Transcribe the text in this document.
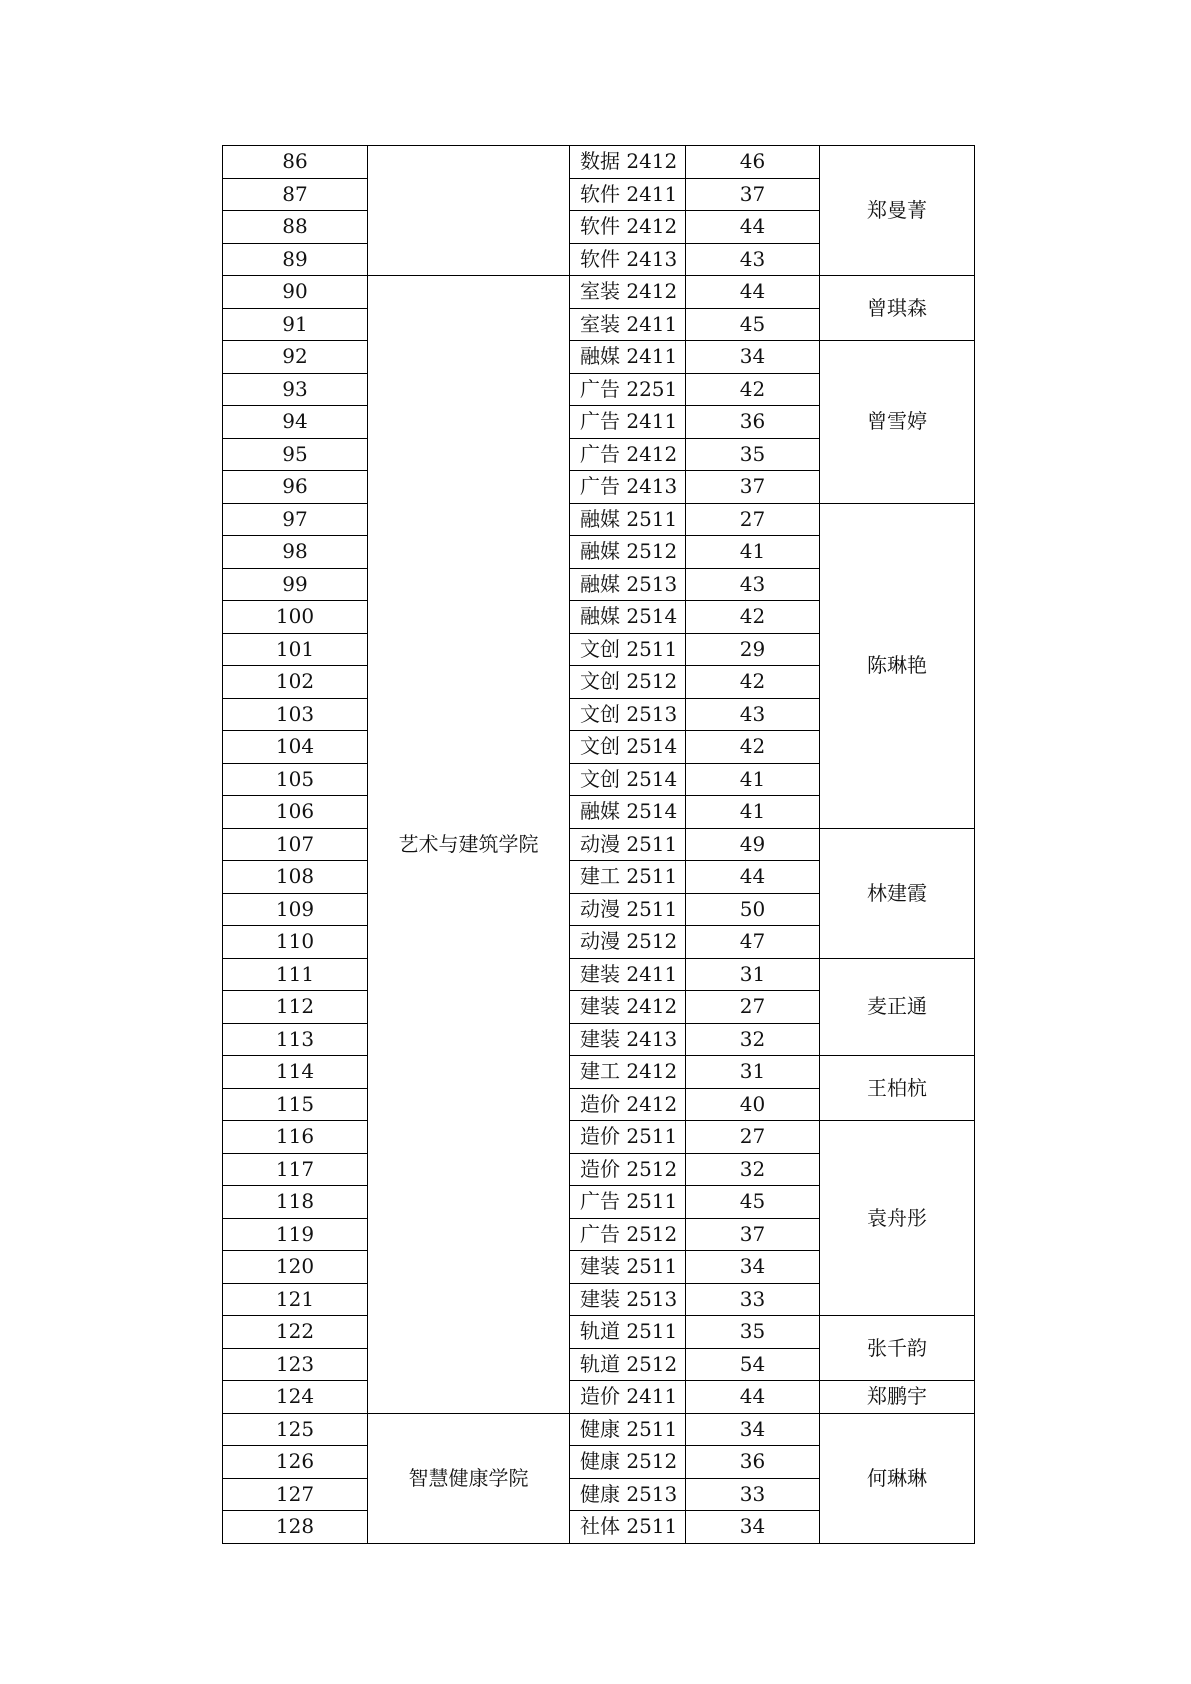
86		数据 2412	46	郑曼菁
87		软件 2411	37	
88		软件 2412	44	
89		软件 2413	43	
90	艺术与建筑学院	室装 2412	44	曾琪森
91		室装 2411	45	
92		融媒 2411	34	曾雪婷
93		广告 2251	42	
94		广告 2411	36	
95		广告 2412	35	
96		广告 2413	37	
97		融媒 2511	27	陈琳艳
98		融媒 2512	41	
99		融媒 2513	43	
100		融媒 2514	42	
101		文创 2511	29	
102		文创 2512	42	
103		文创 2513	43	
104		文创 2514	42	
105		文创 2514	41	
106		融媒 2514	41	
107		动漫 2511	49	林建霞
108		建工 2511	44	
109		动漫 2511	50	
110		动漫 2512	47	
111		建装 2411	31	麦正通
112		建装 2412	27	
113		建装 2413	32	
114		建工 2412	31	王柏杭
115		造价 2412	40	
116		造价 2511	27	袁舟彤
117		造价 2512	32	
118		广告 2511	45	
119		广告 2512	37	
120		建装 2511	34	
121		建装 2513	33	
122		轨道 2511	35	张千韵
123		轨道 2512	54	
124		造价 2411	44	郑鹏宇
125	智慧健康学院	健康 2511	34	何琳琳
126		健康 2512	36	
127		健康 2513	33	
128		社体 2511	34	
